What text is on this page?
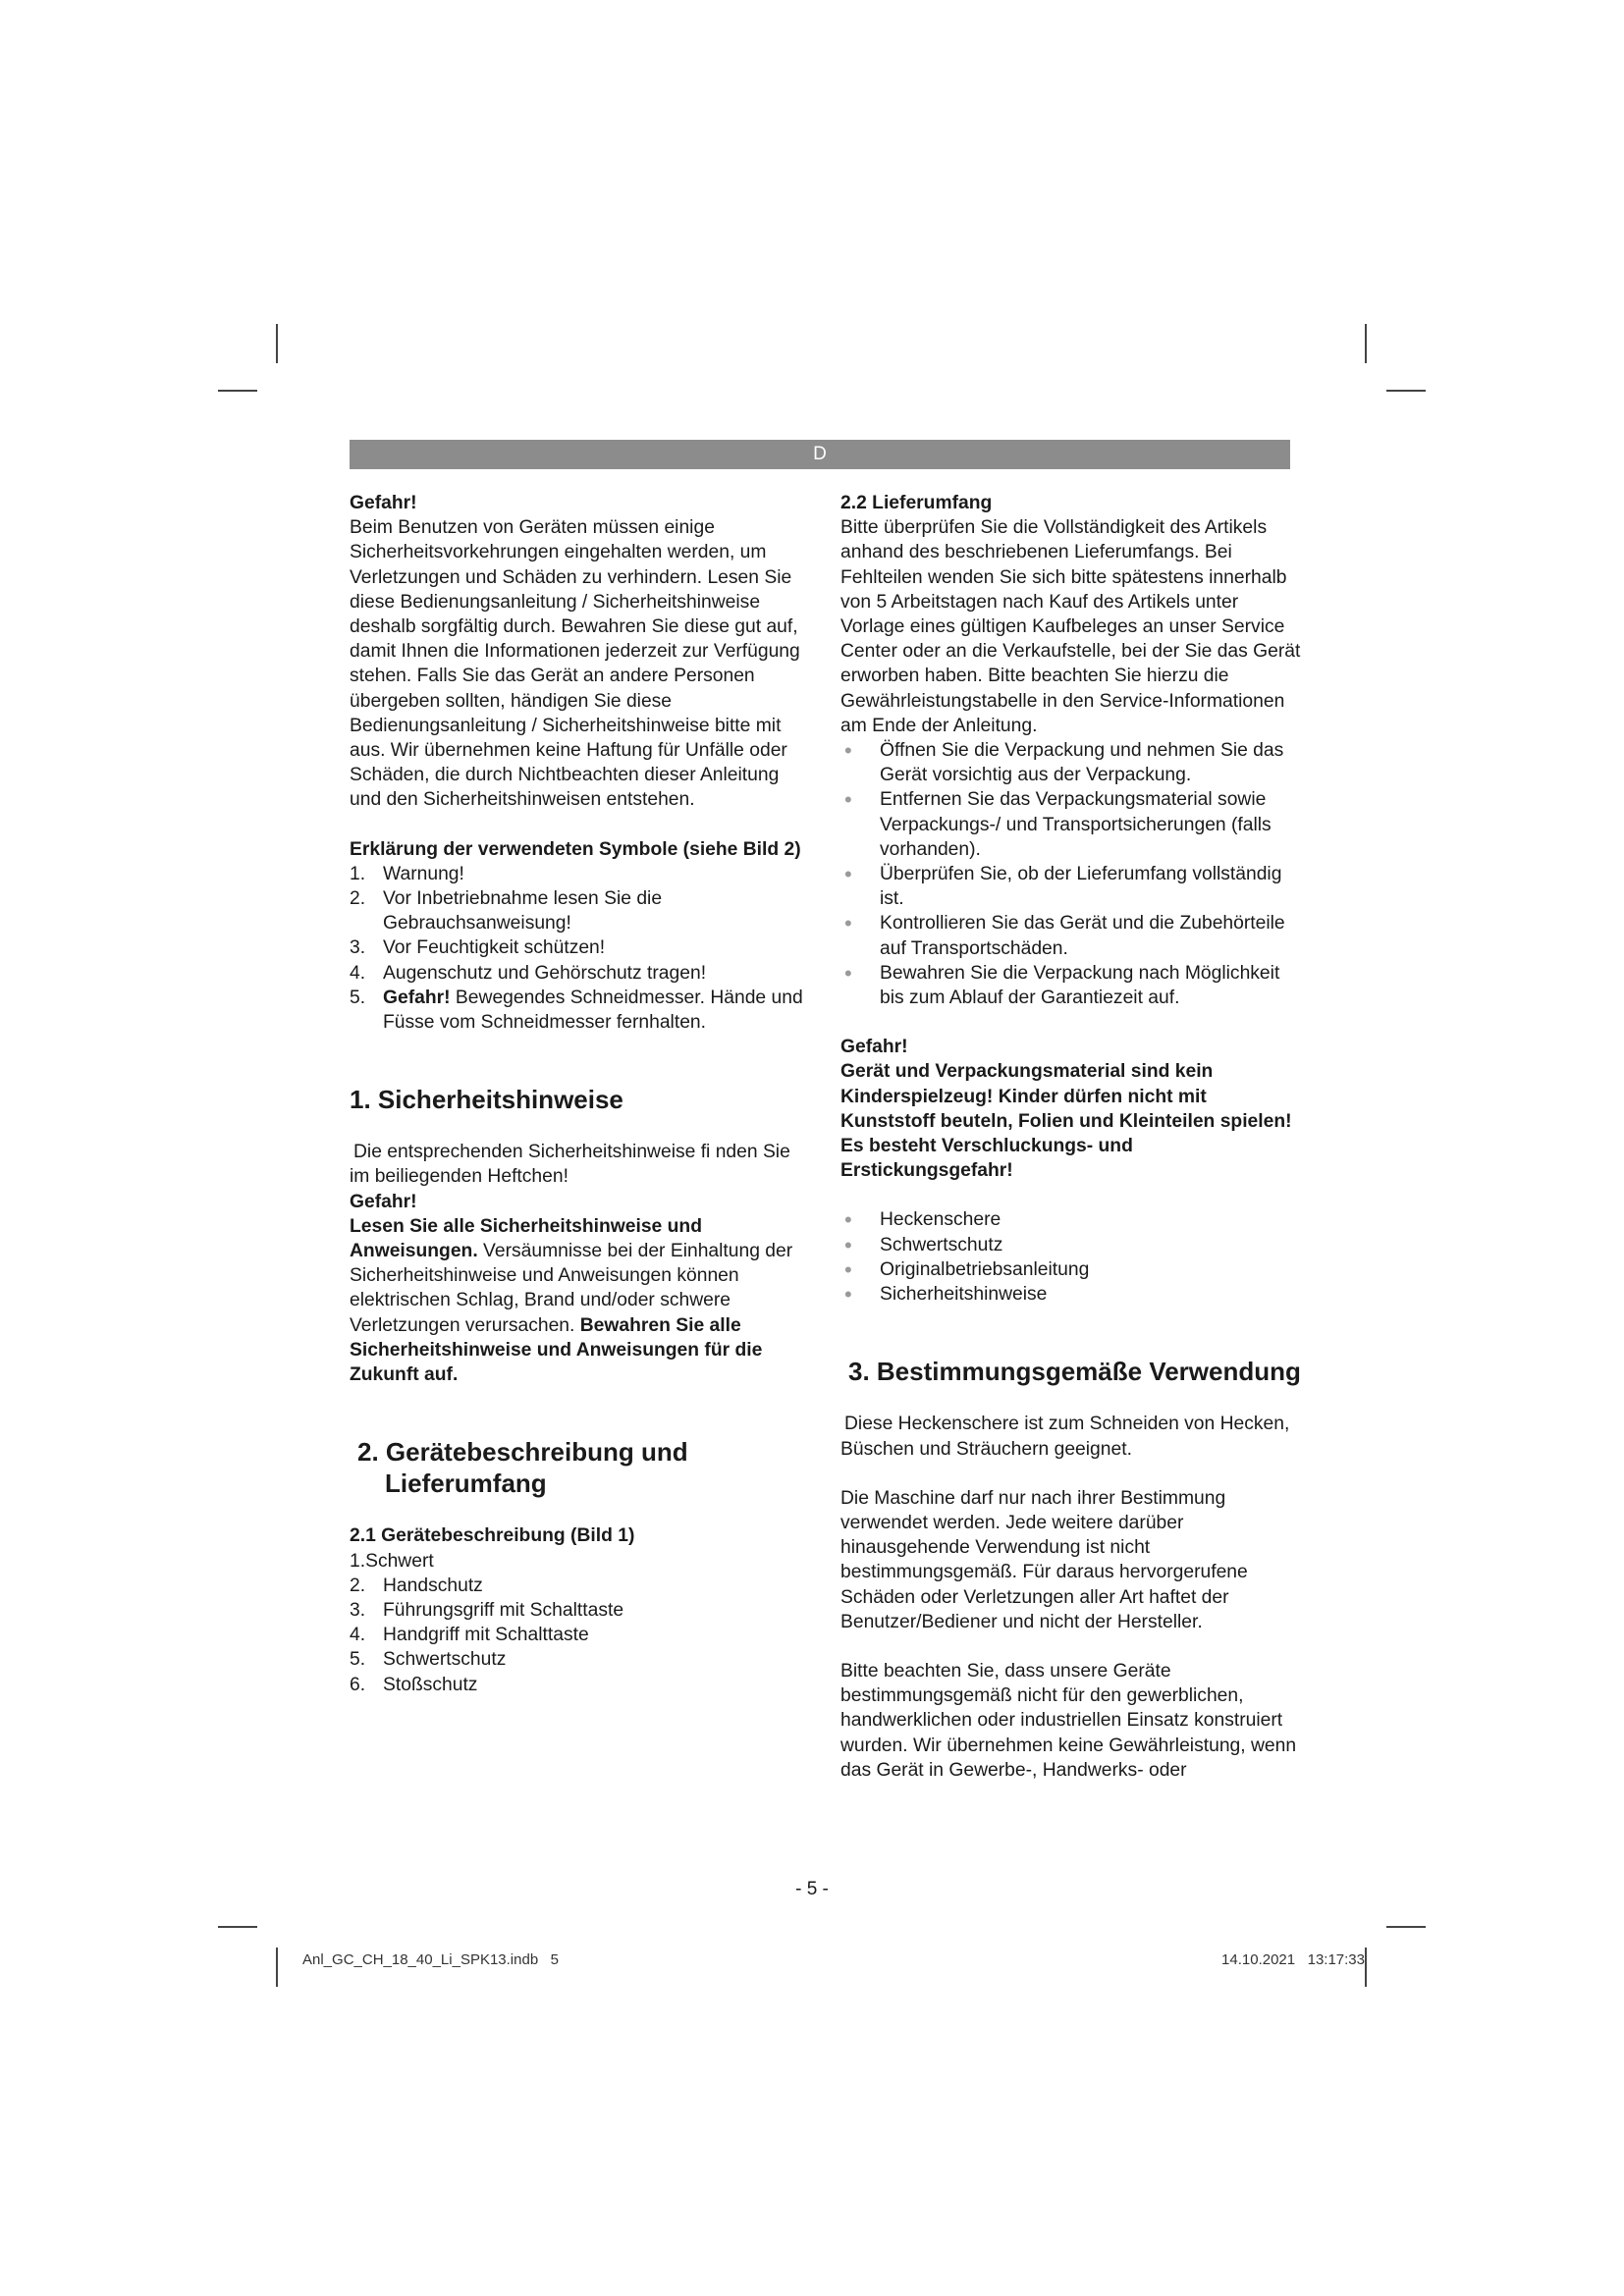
D

Gefahr!

Beim Benutzen von Geräten müssen einige Sicherheitsvorkehrungen eingehalten werden, um Verletzungen und Schäden zu verhindern. Lesen Sie diese Bedienungsanleitung / Sicherheitshinweise deshalb sorgfältig durch. Bewahren Sie diese gut auf, damit Ihnen die Informationen jederzeit zur Verfügung stehen. Falls Sie das Gerät an andere Personen übergeben sollten, händigen Sie diese Bedienungsanleitung / Sicherheitshinweise bitte mit aus. Wir übernehmen keine Haftung für Unfälle oder Schäden, die durch Nichtbeachten dieser Anleitung und den Sicherheitshinweisen entstehen.

Erklärung der verwendeten Symbole (siehe Bild 2)

1. Warnung!
2. Vor Inbetriebnahme lesen Sie die Gebrauchsanweisung!
3. Vor Feuchtigkeit schützen!
4. Augenschutz und Gehörschutz tragen!
5. Gefahr! Bewegendes Schneidmesser. Hände und Füsse vom Schneidmesser fernhalten.

1. Sicherheitshinweise

Die entsprechenden Sicherheitshinweise fi nden Sie im beiliegenden Heftchen!

Gefahr!

Lesen Sie alle Sicherheitshinweise und Anweisungen. Versäumnisse bei der Einhaltung der Sicherheitshinweise und Anweisungen können elektrischen Schlag, Brand und/oder schwere Verletzungen verursachen. Bewahren Sie alle Sicherheitshinweise und Anweisungen für die Zukunft auf.

2. Gerätebeschreibung und Lieferumfang

2.1 Gerätebeschreibung (Bild 1)

1.Schwert

2. Handschutz
3. Führungsgriff mit Schalttaste
4. Handgriff mit Schalttaste
5. Schwertschutz
6. Stoßschutz

2.2 Lieferumfang

Bitte überprüfen Sie die Vollständigkeit des Artikels anhand des beschriebenen Lieferumfangs. Bei Fehlteilen wenden Sie sich bitte spätestens innerhalb von 5 Arbeitstagen nach Kauf des Artikels unter Vorlage eines gültigen Kaufbeleges an unser Service Center oder an die Verkaufstelle, bei der Sie das Gerät erworben haben. Bitte beachten Sie hierzu die Gewährleistungstabelle in den Service-Informationen am Ende der Anleitung.

• Öffnen Sie die Verpackung und nehmen Sie das Gerät vorsichtig aus der Verpackung.
• Entfernen Sie das Verpackungsmaterial sowie Verpackungs-/ und Transportsicherungen (falls vorhanden).
• Überprüfen Sie, ob der Lieferumfang vollständig ist.
• Kontrollieren Sie das Gerät und die Zubehörteile auf Transportschäden.
• Bewahren Sie die Verpackung nach Möglichkeit bis zum Ablauf der Garantiezeit auf.

Gefahr!

Gerät und Verpackungsmaterial sind kein Kinderspielzeug! Kinder dürfen nicht mit Kunststoff beuteln, Folien und Kleinteilen spielen! Es besteht Verschluckungs- und Erstickungsgefahr!

• Heckenschere
• Schwertschutz
• Originalbetriebsanleitung
• Sicherheitshinweise

3. Bestimmungsgemäße Verwendung

Diese Heckenschere ist zum Schneiden von Hecken, Büschen und Sträuchern geeignet.

Die Maschine darf nur nach ihrer Bestimmung verwendet werden. Jede weitere darüber hinausgehende Verwendung ist nicht bestimmungsgemäß. Für daraus hervorgerufene Schäden oder Verletzungen aller Art haftet der Benutzer/Bediener und nicht der Hersteller.

Bitte beachten Sie, dass unsere Geräte bestimmungsgemäß nicht für den gewerblichen, handwerklichen oder industriellen Einsatz konstruiert wurden. Wir übernehmen keine Gewährleistung, wenn das Gerät in Gewerbe-, Handwerks- oder

- 5 -
Anl_GC_CH_18_40_Li_SPK13.indb   5	14.10.2021   13:17:33
